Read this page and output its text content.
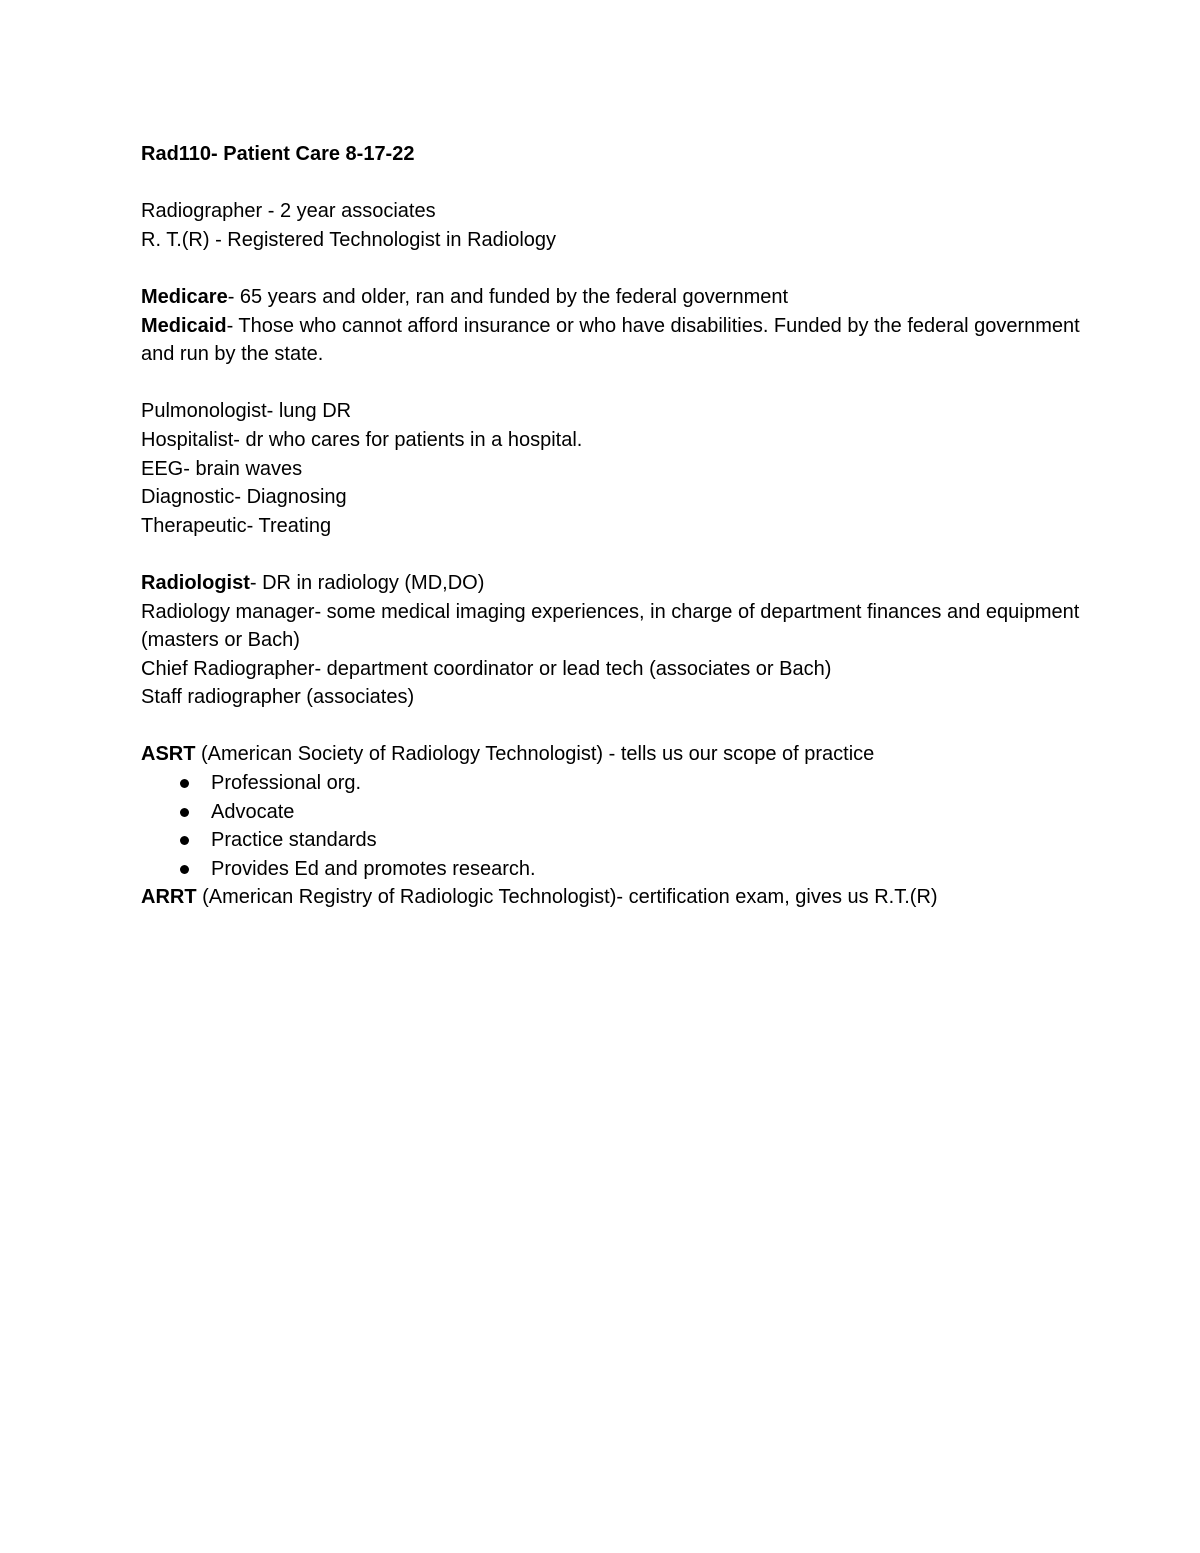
Rad110- Patient Care 8-17-22
Radiographer - 2 year associates
R. T.(R) - Registered Technologist in Radiology
Medicare- 65 years and older, ran and funded by the federal government
Medicaid- Those who cannot afford insurance or who have disabilities. Funded by the federal government and run by the state.
Pulmonologist- lung DR
Hospitalist- dr who cares for patients in a hospital.
EEG- brain waves
Diagnostic- Diagnosing
Therapeutic- Treating
Radiologist- DR in radiology (MD,DO)
Radiology manager- some medical imaging experiences, in charge of department finances and equipment (masters or Bach)
Chief Radiographer- department coordinator or lead tech (associates or Bach)
Staff radiographer (associates)
ASRT (American Society of Radiology Technologist) - tells us our scope of practice
Professional org.
Advocate
Practice standards
Provides Ed and promotes research.
ARRT (American Registry of Radiologic Technologist)- certification exam, gives us R.T.(R)
